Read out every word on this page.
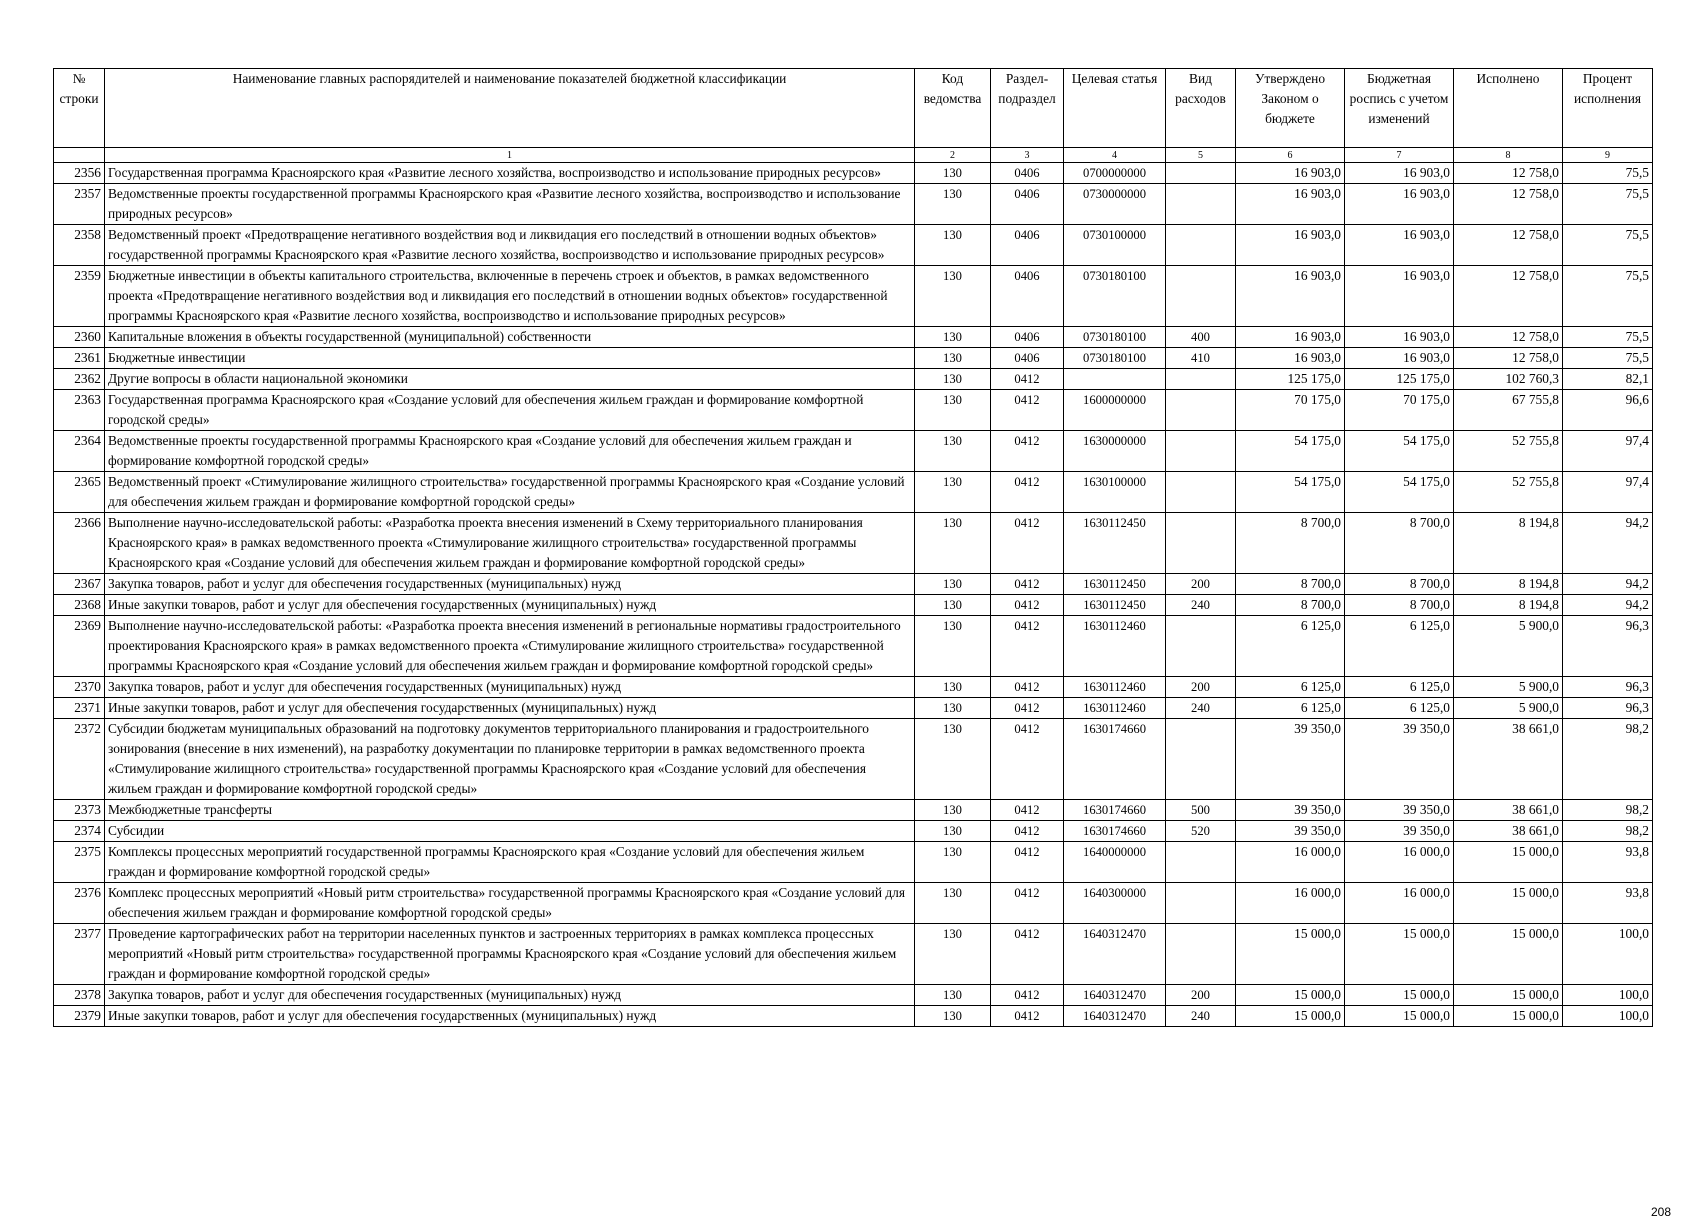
№ строки	Наименование главных распорядителей и наименование показателей бюджетной классификации	Код ведомства	Раздел-подраздел	Целевая статья	Вид расходов	Утверждено Законом о бюджете	Бюджетная роспись с учетом изменений	Исполнено	Процент исполнения
	1	2	3	4	5	6	7	8	9
2356	Государственная программа Красноярского края «Развитие лесного хозяйства, воспроизводство и использование природных ресурсов»	130	0406	0700000000		16 903,0	16 903,0	12 758,0	75,5
2357	Ведомственные проекты государственной программы Красноярского края «Развитие лесного хозяйства, воспроизводство и использование природных ресурсов»	130	0406	0730000000		16 903,0	16 903,0	12 758,0	75,5
2358	Ведомственный проект «Предотвращение негативного воздействия вод и ликвидация его последствий в отношении водных объектов» государственной программы Красноярского края «Развитие лесного хозяйства, воспроизводство и использование природных ресурсов»	130	0406	0730100000		16 903,0	16 903,0	12 758,0	75,5
2359	Бюджетные инвестиции в объекты капитального строительства, включенные в перечень строек и объектов, в рамках ведомственного проекта «Предотвращение негативного воздействия вод и ликвидация его последствий в отношении водных объектов» государственной программы Красноярского края «Развитие лесного хозяйства, воспроизводство и использование природных ресурсов»	130	0406	0730180100		16 903,0	16 903,0	12 758,0	75,5
2360	Капитальные вложения в объекты государственной (муниципальной) собственности	130	0406	0730180100	400	16 903,0	16 903,0	12 758,0	75,5
2361	Бюджетные инвестиции	130	0406	0730180100	410	16 903,0	16 903,0	12 758,0	75,5
2362	Другие вопросы в области национальной экономики	130	0412			125 175,0	125 175,0	102 760,3	82,1
2363	Государственная программа Красноярского края «Создание условий для обеспечения жильем граждан и формирование комфортной городской среды»	130	0412	1600000000		70 175,0	70 175,0	67 755,8	96,6
2364	Ведомственные проекты государственной программы Красноярского края «Создание условий для обеспечения жильем граждан и формирование комфортной городской среды»	130	0412	1630000000		54 175,0	54 175,0	52 755,8	97,4
2365	Ведомственный проект «Стимулирование жилищного строительства» государственной программы Красноярского края «Создание условий для обеспечения жильем граждан и формирование комфортной городской среды»	130	0412	1630100000		54 175,0	54 175,0	52 755,8	97,4
2366	Выполнение научно-исследовательской работы: «Разработка проекта внесения изменений в Схему территориального планирования Красноярского края» в рамках ведомственного проекта «Стимулирование жилищного строительства» государственной программы Красноярского края «Создание условий для обеспечения жильем граждан и формирование комфортной городской среды»	130	0412	1630112450		8 700,0	8 700,0	8 194,8	94,2
2367	Закупка товаров, работ и услуг для обеспечения государственных (муниципальных) нужд	130	0412	1630112450	200	8 700,0	8 700,0	8 194,8	94,2
2368	Иные закупки товаров, работ и услуг для обеспечения государственных (муниципальных) нужд	130	0412	1630112450	240	8 700,0	8 700,0	8 194,8	94,2
2369	Выполнение научно-исследовательской работы: «Разработка проекта внесения изменений в региональные нормативы градостроительного проектирования Красноярского края» в рамках ведомственного проекта «Стимулирование жилищного строительства» государственной программы Красноярского края «Создание условий для обеспечения жильем граждан и формирование комфортной городской среды»	130	0412	1630112460		6 125,0	6 125,0	5 900,0	96,3
2370	Закупка товаров, работ и услуг для обеспечения государственных (муниципальных) нужд	130	0412	1630112460	200	6 125,0	6 125,0	5 900,0	96,3
2371	Иные закупки товаров, работ и услуг для обеспечения государственных (муниципальных) нужд	130	0412	1630112460	240	6 125,0	6 125,0	5 900,0	96,3
2372	Субсидии бюджетам муниципальных образований на подготовку документов территориального планирования и градостроительного зонирования (внесение в них изменений), на разработку документации по планировке территории в рамках ведомственного проекта «Стимулирование жилищного строительства» государственной программы Красноярского края «Создание условий для обеспечения жильем граждан и формирование комфортной городской среды»	130	0412	1630174660		39 350,0	39 350,0	38 661,0	98,2
2373	Межбюджетные трансферты	130	0412	1630174660	500	39 350,0	39 350,0	38 661,0	98,2
2374	Субсидии	130	0412	1630174660	520	39 350,0	39 350,0	38 661,0	98,2
2375	Комплексы процессных мероприятий государственной программы Красноярского края «Создание условий для обеспечения жильем граждан и формирование комфортной городской среды»	130	0412	1640000000		16 000,0	16 000,0	15 000,0	93,8
2376	Комплекс процессных мероприятий «Новый ритм строительства» государственной программы Красноярского края «Создание условий для обеспечения жильем граждан и формирование комфортной городской среды»	130	0412	1640300000		16 000,0	16 000,0	15 000,0	93,8
2377	Проведение картографических работ на территории населенных пунктов и застроенных территориях в рамках комплекса процессных мероприятий «Новый ритм строительства» государственной программы Красноярского края «Создание условий для обеспечения жильем граждан и формирование комфортной городской среды»	130	0412	1640312470		15 000,0	15 000,0	15 000,0	100,0
2378	Закупка товаров, работ и услуг для обеспечения государственных (муниципальных) нужд	130	0412	1640312470	200	15 000,0	15 000,0	15 000,0	100,0
2379	Иные закупки товаров, работ и услуг для обеспечения государственных (муниципальных) нужд	130	0412	1640312470	240	15 000,0	15 000,0	15 000,0	100,0
208
